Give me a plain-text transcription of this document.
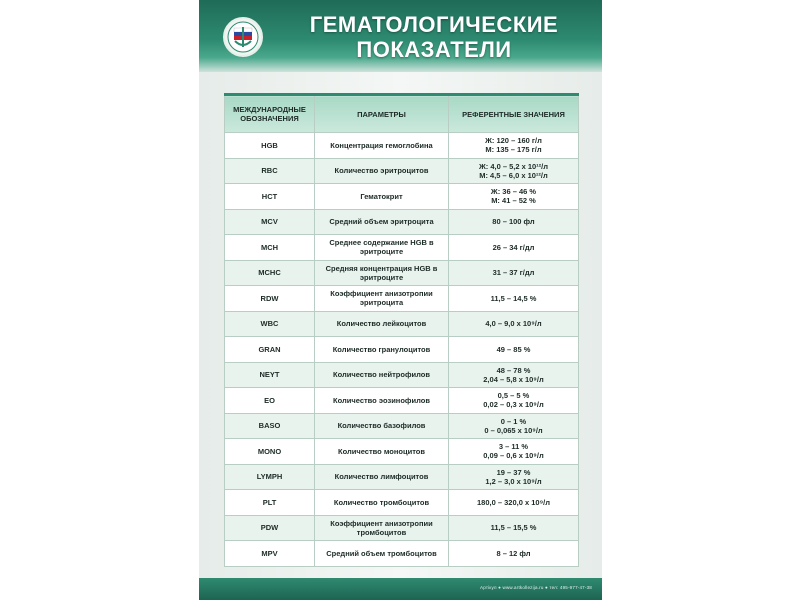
ГЕМАТОЛОГИЧЕСКИЕ
ПОКАЗАТЕЛИ
МЕЖДУНАРОДНЫЕ ОБОЗНАЧЕНИЯ	ПАРАМЕТРЫ	РЕФЕРЕНТНЫЕ ЗНАЧЕНИЯ
HGB	Концентрация гемоглобина	Ж: 120 – 160 г/л
М: 135 – 175 г/л

RBC	Количество эритроцитов	Ж: 4,0 – 5,2 x 10¹²/л
М: 4,5 – 6,0 x 10¹²/л

HCT	Гематокрит	Ж: 36 – 46 %
М: 41 – 52 %

MCV	Средний объем эритроцита	80 – 100 фл

MCH	Среднее содержание HGB в эритроците	26 – 34 г/дл

MCHC	Средняя концентрация HGB в эритроците	31 – 37 г/дл

RDW	Коэффициент анизотропии эритроцита	11,5 – 14,5 %

WBC	Количество лейкоцитов	4,0 – 9,0 x 10⁹/л

GRAN	Количество гранулоцитов	49 – 85 %

NEYT	Количество нейтрофилов	48 – 78 %
2,04 – 5,8 x 10⁹/л

EO	Количество эозинофилов	0,5 – 5 %
0,02 – 0,3 x 10⁹/л

BASO	Количество базофилов	0 – 1 %
0 – 0,065 x 10⁹/л

MONO	Количество моноцитов	3 – 11 %
0,09 – 0,6 x 10⁹/л

LYMPH	Количество лимфоцитов	19 – 37 %
1,2 – 3,0 x 10⁹/л

PLT	Количество тромбоцитов	180,0 – 320,0 x 10⁹/л

PDW	Коэффициент анизотропии тромбоцитов	11,5 – 15,5 %

MPV	Средний объем тромбоцитов	8 – 12 фл
Артікул ● www.artkollezija.ru ● тел: 495-977-47-38
